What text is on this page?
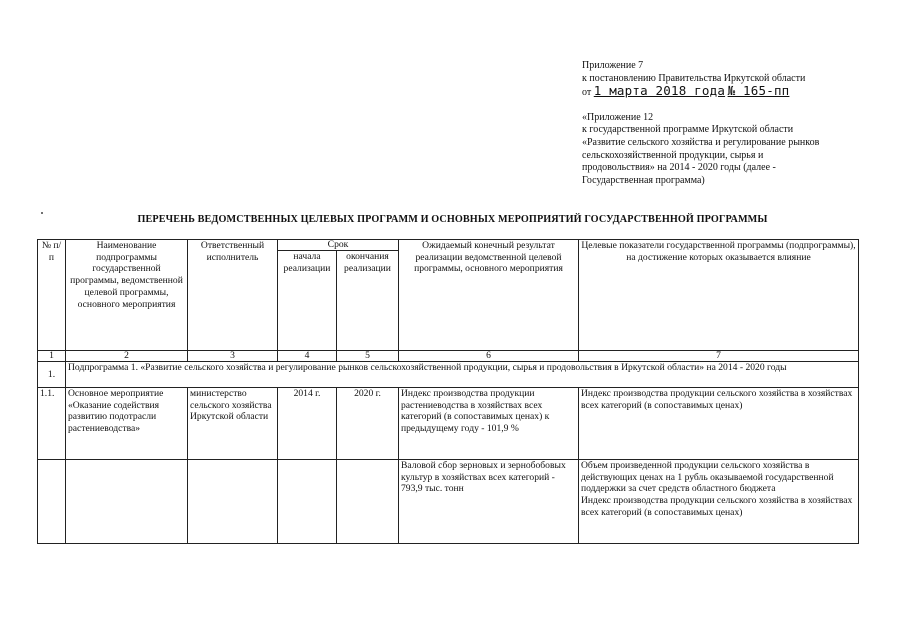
Приложение 7
к постановлению Правительства Иркутской области
от 1 марта 2018 года № 165-пп
«Приложение 12
к государственной программе Иркутской области
«Развитие сельского хозяйства и регулирование рынков
сельскохозяйственной продукции, сырья и
продовольствия» на 2014 - 2020 годы (далее -
Государственная программа)
ПЕРЕЧЕНЬ ВЕДОМСТВЕННЫХ ЦЕЛЕВЫХ ПРОГРАММ И ОСНОВНЫХ МЕРОПРИЯТИЙ ГОСУДАРСТВЕННОЙ ПРОГРАММЫ
№ п/п	Наименование подпрограммы государственной программы, ведомственной целевой программы, основного мероприятия	Ответственный исполнитель	Срок		Ожидаемый конечный результат реализации ведомственной целевой программы, основного мероприятия	Целевые показатели государственной программы (подпрограммы), на достижение которых оказывается влияние
			начала реализации	окончания реализации		
1	2	3	4	5	6	7
1.	Подпрограмма 1. «Развитие сельского хозяйства и регулирование рынков сельскохозяйственной продукции, сырья и продовольствия в Иркутской области» на 2014 - 2020 годы					
1.1.	Основное мероприятие «Оказание содействия развитию подотрасли растениеводства»	министерство сельского хозяйства Иркутской области	2014 г.	2020 г.	Индекс производства продукции растениеводства в хозяйствах всех категорий (в сопоставимых ценах) к предыдущему году - 101,9 %	Индекс производства продукции сельского хозяйства в хозяйствах всех категорий (в сопоставимых ценах)
					Валовой сбор зерновых и зернобобовых культур в хозяйствах всех категорий - 793,9 тыс. тонн	Объем произведенной продукции сельского хозяйства в действующих ценах на 1 рубль оказываемой государственной поддержки за счет средств областного бюджета
Индекс производства продукции сельского хозяйства в хозяйствах всех категорий (в сопоставимых ценах)
